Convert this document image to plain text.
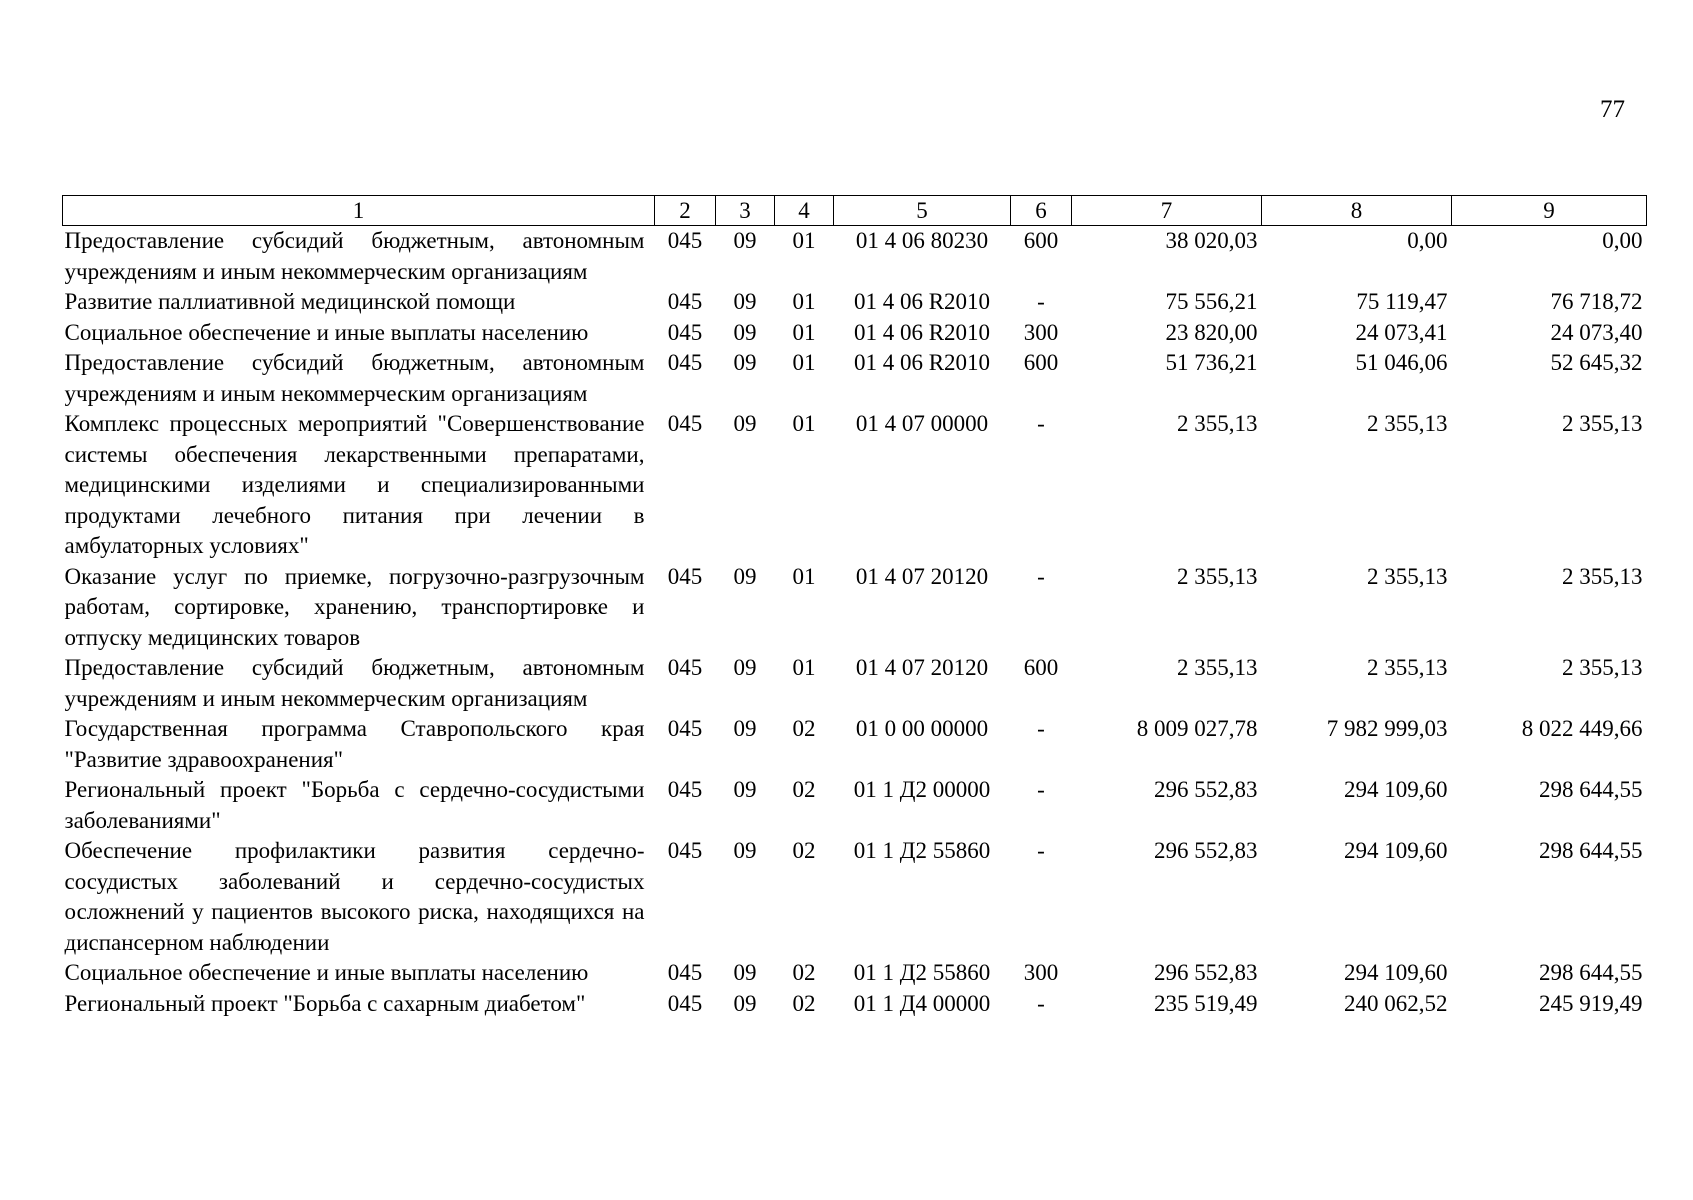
77
1	2	3	4	5	6	7	8	9
Предоставление субсидий бюджетным, автономным учреждениям и иным некоммерческим организациям	045	09	01	01 4 06 80230	600	38 020,03	0,00	0,00
Развитие паллиативной медицинской помощи	045	09	01	01 4 06 R2010	-	75 556,21	75 119,47	76 718,72
Социальное обеспечение и иные выплаты населению	045	09	01	01 4 06 R2010	300	23 820,00	24 073,41	24 073,40
Предоставление субсидий бюджетным, автономным учреждениям и иным некоммерческим организациям	045	09	01	01 4 06 R2010	600	51 736,21	51 046,06	52 645,32
Комплекс процессных мероприятий "Совершенствование системы обеспечения лекарственными препаратами, медицинскими изделиями и специализированными продуктами лечебного питания при лечении в амбулаторных условиях"	045	09	01	01 4 07 00000	-	2 355,13	2 355,13	2 355,13
Оказание услуг по приемке, погрузочно-разгрузочным работам, сортировке, хранению, транспортировке и отпуску медицинских товаров	045	09	01	01 4 07 20120	-	2 355,13	2 355,13	2 355,13
Предоставление субсидий бюджетным, автономным учреждениям и иным некоммерческим организациям	045	09	01	01 4 07 20120	600	2 355,13	2 355,13	2 355,13
Государственная программа Ставропольского края "Развитие здравоохранения"	045	09	02	01 0 00 00000	-	8 009 027,78	7 982 999,03	8 022 449,66
Региональный проект "Борьба с сердечно-сосудистыми заболеваниями"	045	09	02	01 1 Д2 00000	-	296 552,83	294 109,60	298 644,55
Обеспечение профилактики развития сердечно-сосудистых заболеваний и сердечно-сосудистых осложнений у пациентов высокого риска, находящихся на диспансерном наблюдении	045	09	02	01 1 Д2 55860	-	296 552,83	294 109,60	298 644,55
Социальное обеспечение и иные выплаты населению	045	09	02	01 1 Д2 55860	300	296 552,83	294 109,60	298 644,55
Региональный проект "Борьба с сахарным диабетом"	045	09	02	01 1 Д4 00000	-	235 519,49	240 062,52	245 919,49
